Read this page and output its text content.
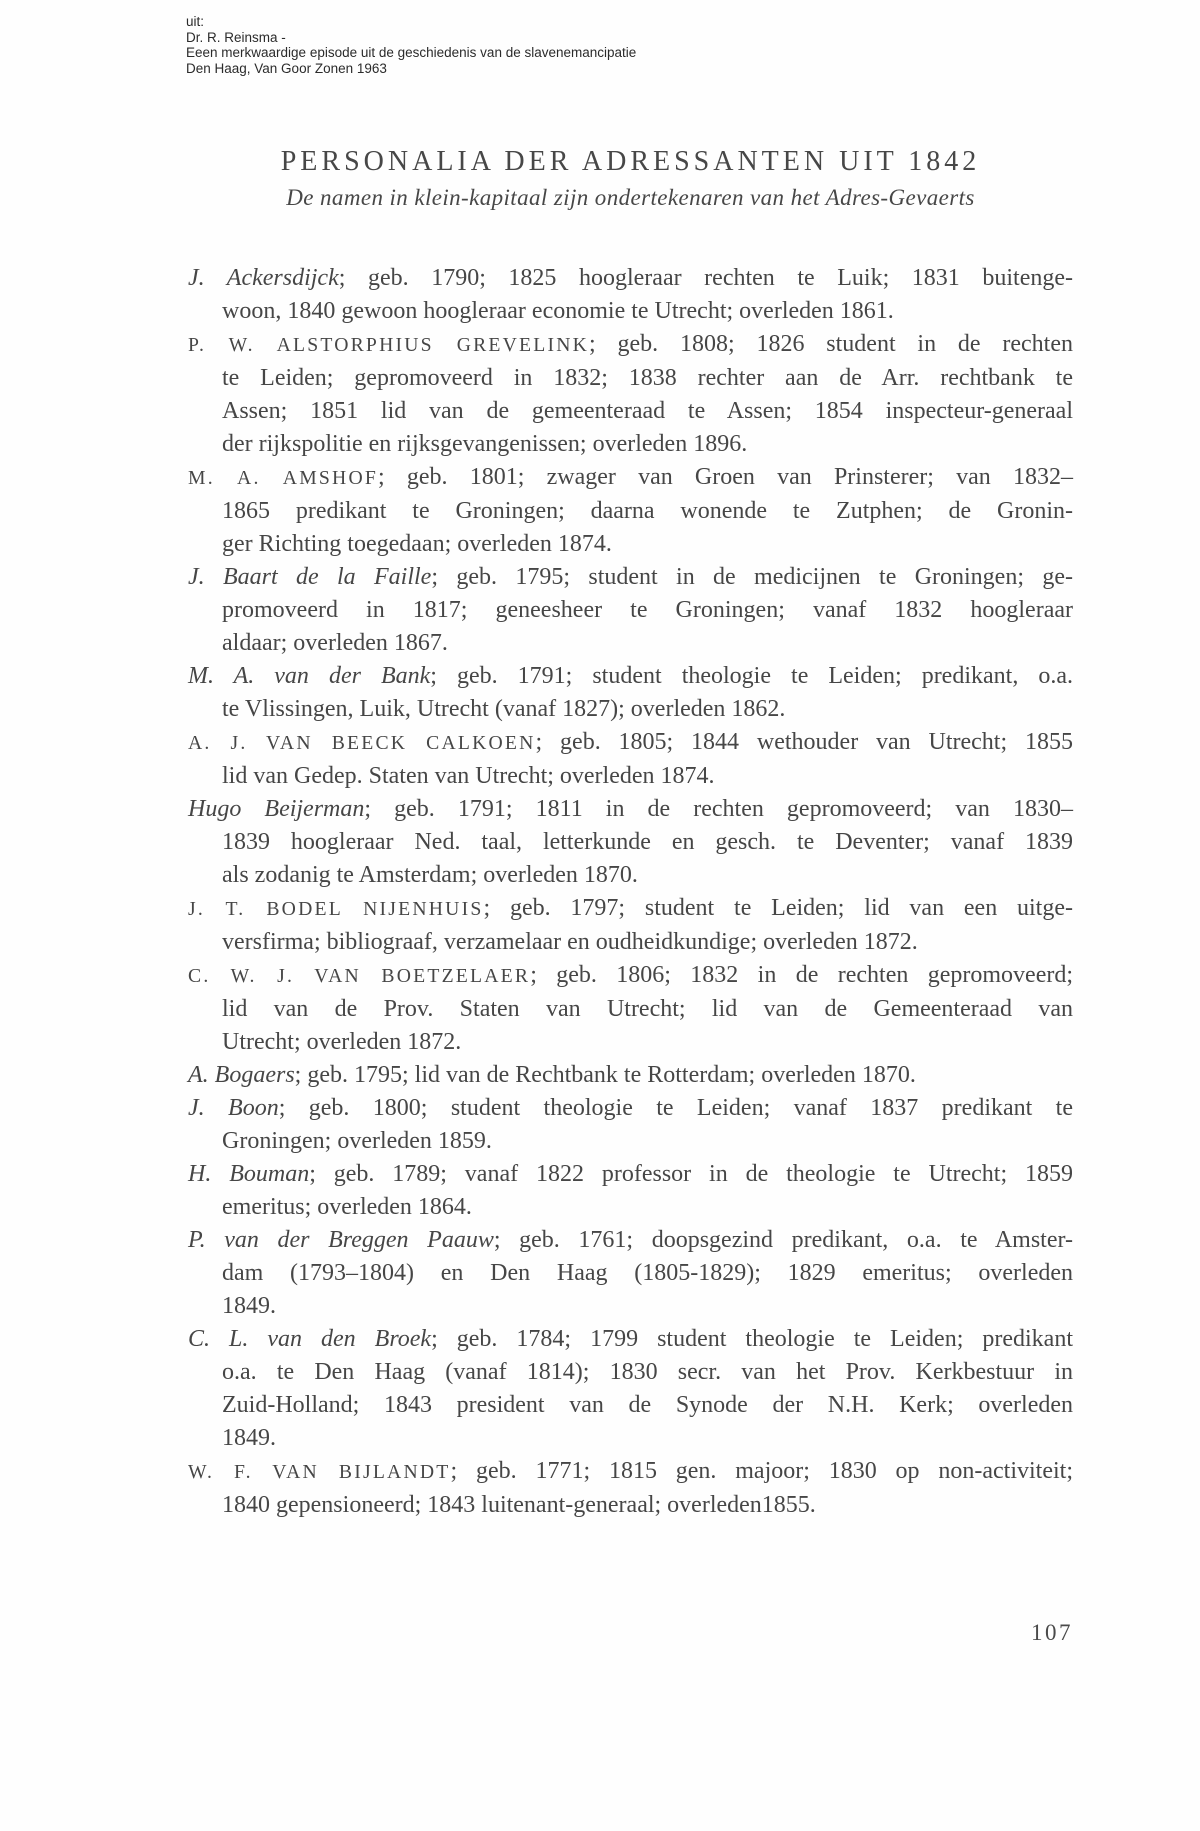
uit:
Dr. R. Reinsma -
Eeen merkwaardige episode uit de geschiedenis van de slavenemancipatie
Den Haag, Van Goor Zonen 1963
PERSONALIA DER ADRESSANTEN UIT 1842
De namen in klein-kapitaal zijn ondertekenaren van het Adres-Gevaerts
J. Ackersdijck; geb. 1790; 1825 hoogleraar rechten te Luik; 1831 buitenge-
woon, 1840 gewoon hoogleraar economie te Utrecht; overleden 1861.
P. W. ALSTORPHIUS GREVELINK; geb. 1808; 1826 student in de rechten
te Leiden; gepromoveerd in 1832; 1838 rechter aan de Arr. rechtbank te
Assen; 1851 lid van de gemeenteraad te Assen; 1854 inspecteur-generaal
der rijkspolitie en rijksgevangenissen; overleden 1896.
M. A. AMSHOF; geb. 1801; zwager van Groen van Prinsterer; van 1832–
1865 predikant te Groningen; daarna wonende te Zutphen; de Gronin-
ger Richting toegedaan; overleden 1874.
J. Baart de la Faille; geb. 1795; student in de medicijnen te Groningen; ge-
promoveerd in 1817; geneesheer te Groningen; vanaf 1832 hoogleraar
aldaar; overleden 1867.
M. A. van der Bank; geb. 1791; student theologie te Leiden; predikant, o.a.
te Vlissingen, Luik, Utrecht (vanaf 1827); overleden 1862.
A. J. VAN BEECK CALKOEN; geb. 1805; 1844 wethouder van Utrecht; 1855
lid van Gedep. Staten van Utrecht; overleden 1874.
Hugo Beijerman; geb. 1791; 1811 in de rechten gepromoveerd; van 1830–
1839 hoogleraar Ned. taal, letterkunde en gesch. te Deventer; vanaf 1839
als zodanig te Amsterdam; overleden 1870.
J. T. BODEL NIJENHUIS; geb. 1797; student te Leiden; lid van een uitge-
versfirma; bibliograaf, verzamelaar en oudheidkundige; overleden 1872.
C. W. J. VAN BOETZELAER; geb. 1806; 1832 in de rechten gepromoveerd;
lid van de Prov. Staten van Utrecht; lid van de Gemeenteraad van
Utrecht; overleden 1872.
A. Bogaers; geb. 1795; lid van de Rechtbank te Rotterdam; overleden 1870.
J. Boon; geb. 1800; student theologie te Leiden; vanaf 1837 predikant te
Groningen; overleden 1859.
H. Bouman; geb. 1789; vanaf 1822 professor in de theologie te Utrecht; 1859
emeritus; overleden 1864.
P. van der Breggen Paauw; geb. 1761; doopsgezind predikant, o.a. te Amster-
dam (1793–1804) en Den Haag (1805-1829); 1829 emeritus; overleden
1849.
C. L. van den Broek; geb. 1784; 1799 student theologie te Leiden; predikant
o.a. te Den Haag (vanaf 1814); 1830 secr. van het Prov. Kerkbestuur in
Zuid-Holland; 1843 president van de Synode der N.H. Kerk; overleden
1849.
W. F. VAN BIJLANDT; geb. 1771; 1815 gen. majoor; 1830 op non-activiteit;
1840 gepensioneerd; 1843 luitenant-generaal; overleden1855.
107
